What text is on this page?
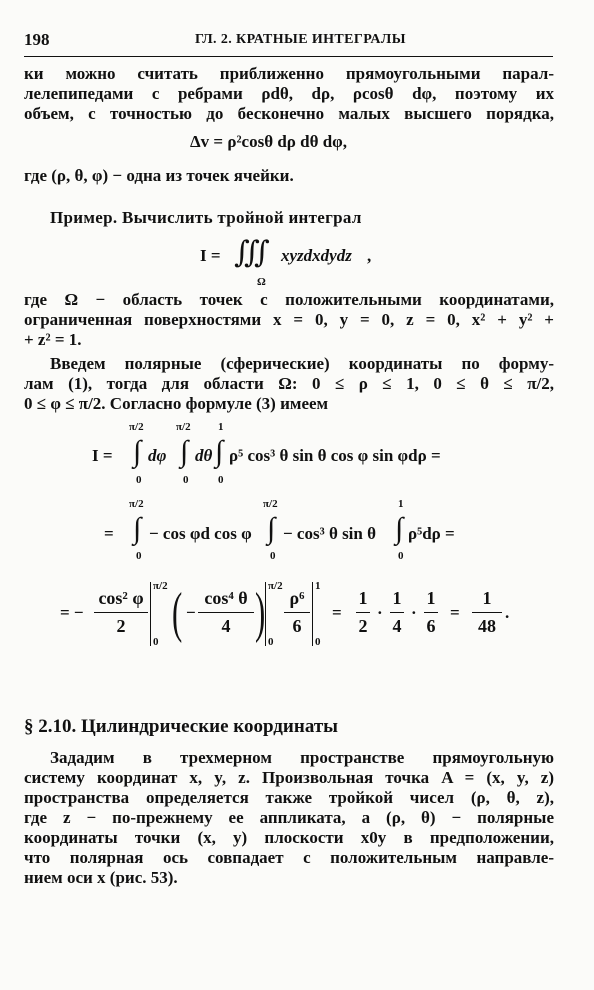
198	ГЛ. 2. КРАТНЫЕ ИНТЕГРАЛЫ
ки можно считать приближенно прямоугольными парал-
лелепипедами с ребрами ρdθ, dρ, ρcosθ dφ, поэтому их
объем, с точностью до бесконечно малых высшего порядка,
Δv = ρ²cosθ dρ dθ dφ,
где (ρ, θ, φ) − одна из точек ячейки.
Пример. Вычислить тройной интеграл
I = ∭ xyzdxdydz ,
Ω
где Ω − область точек с положительными координатами,
ограниченная поверхностями x = 0, y = 0, z = 0, x² + y² +
+ z² = 1.
Введем полярные (сферические) координаты по форму-
лам (1), тогда для области Ω: 0 ≤ ρ ≤ 1, 0 ≤ θ ≤ π/2,
0 ≤ φ ≤ π/2. Согласно формуле (3) имеем
I =
π/2
∫
0
dφ
π/2
∫
0
dθ
1
∫
0
ρ⁵ cos³ θ sin θ cos φ sin φdρ =
=
π/2
∫
0
− cos φd cos φ
π/2
∫
0
− cos³ θ sin θ
1
∫
0
ρ⁵dρ =
= −
cos² φ
2
π/2
0 ( −
cos⁴ θ
4 ) π/2
0
ρ⁶
6
1
0
=
1
2
·
1
4
·
1
6
=
1
48
.
§ 2.10. Цилиндрические координаты
Зададим в трехмерном пространстве прямоугольную
систему координат x, y, z. Произвольная точка A = (x, y, z)
пространства определяется также тройкой чисел (ρ, θ, z),
где z − по-прежнему ее аппликата, а (ρ, θ) − полярные
координаты точки (x, y) плоскости x0y в предположении,
что полярная ось совпадает с положительным направле-
нием оси x (рис. 53).
